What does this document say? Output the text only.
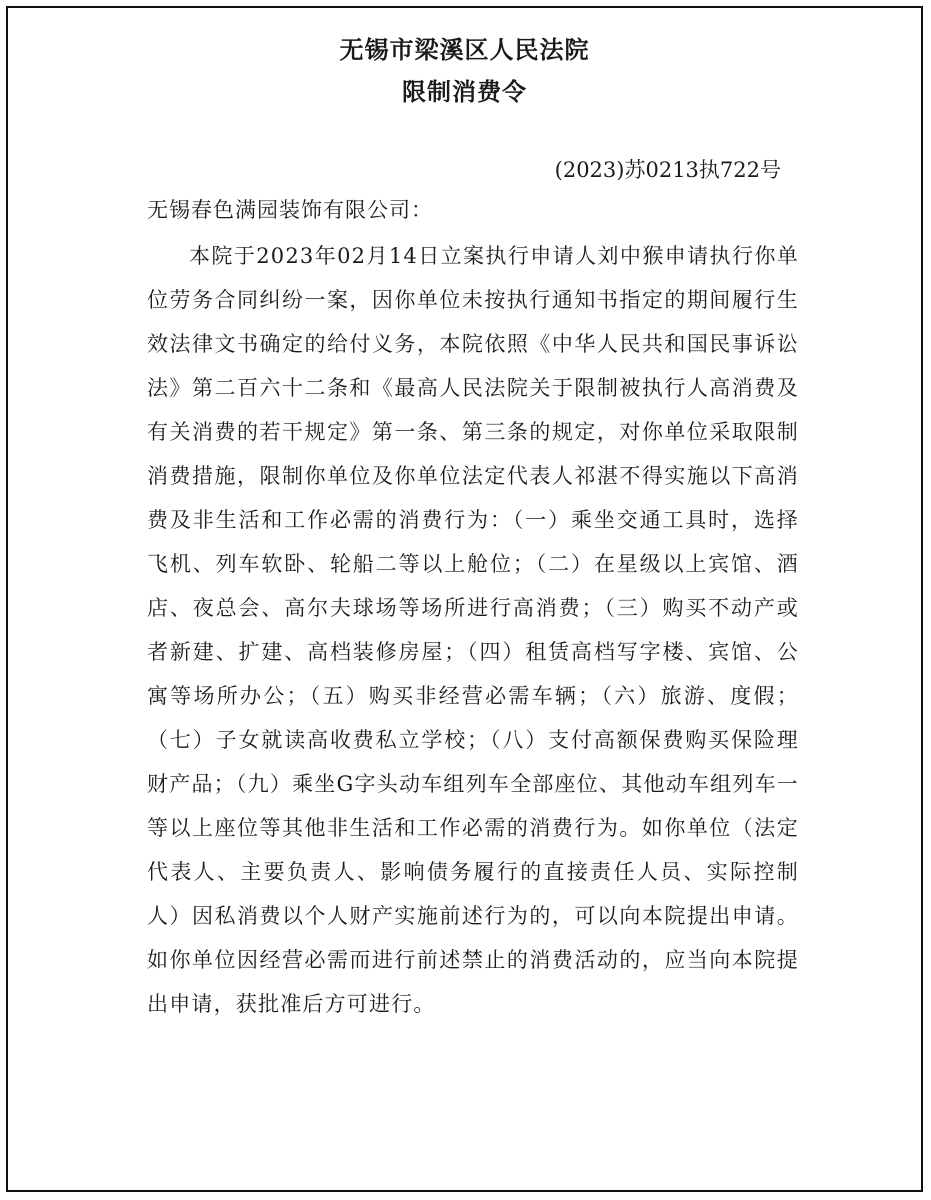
无锡市梁溪区人民法院
限制消费令

(2023)苏0213执722号

无锡春色满园装饰有限公司：

本院于2023年02月14日立案执行申请人刘中猴申请执行你单位劳务合同纠纷一案，因你单位未按执行通知书指定的期间履行生效法律文书确定的给付义务，本院依照《中华人民共和国民事诉讼法》第二百六十二条和《最高人民法院关于限制被执行人高消费及有关消费的若干规定》第一条、第三条的规定，对你单位采取限制消费措施，限制你单位及你单位法定代表人祁湛不得实施以下高消费及非生活和工作必需的消费行为：（一）乘坐交通工具时，选择飞机、列车软卧、轮船二等以上舱位；（二）在星级以上宾馆、酒店、夜总会、高尔夫球场等场所进行高消费；（三）购买不动产或者新建、扩建、高档装修房屋；（四）租赁高档写字楼、宾馆、公寓等场所办公；（五）购买非经营必需车辆；（六）旅游、度假；（七）子女就读高收费私立学校；（八）支付高额保费购买保险理财产品；（九）乘坐G字头动车组列车全部座位、其他动车组列车一等以上座位等其他非生活和工作必需的消费行为。如你单位（法定代表人、主要负责人、影响债务履行的直接责任人员、实际控制人）因私消费以个人财产实施前述行为的，可以向本院提出申请。如你单位因经营必需而进行前述禁止的消费活动的，应当向本院提出申请，获批准后方可进行。
